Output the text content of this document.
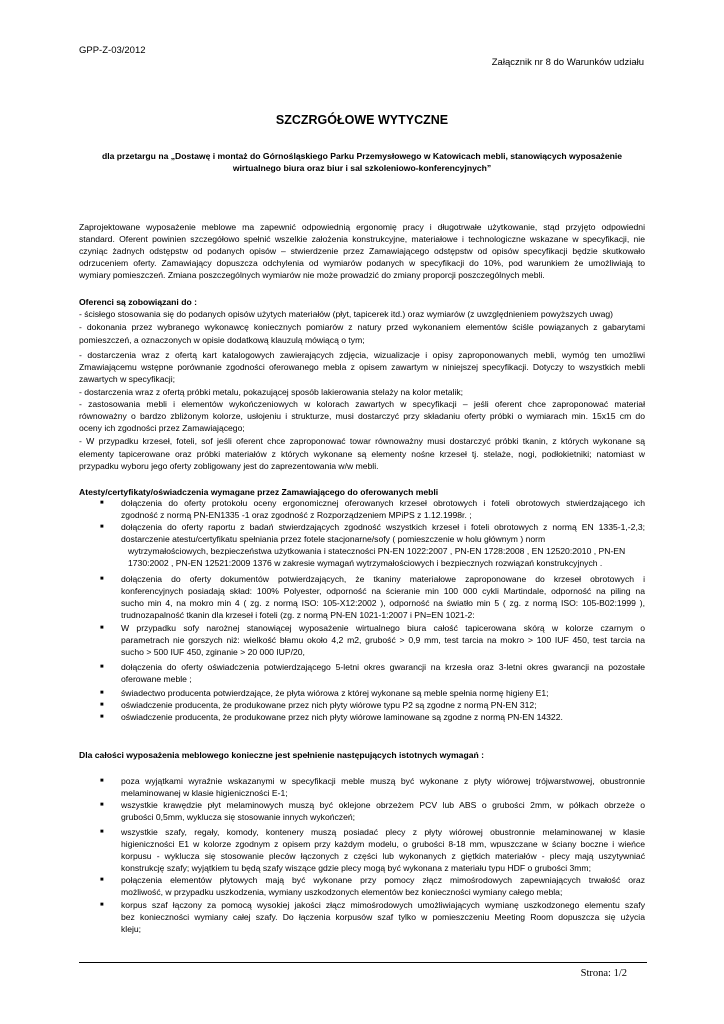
GPP-Z-03/2012
Załącznik nr 8 do Warunków udziału
SZCZRGÓŁOWE WYTYCZNE
dla przetargu na „Dostawę i montaż do Górnośląskiego Parku Przemysłowego w Katowicach mebli, stanowiących wyposażenie
wirtualnego biura oraz biur i sal szkoleniowo-konferencyjnych”
Zaprojektowane wyposażenie meblowe ma zapewnić odpowiednią ergonomię pracy i długotrwałe użytkowanie, stąd przyjęto odpowiedni
standard. Oferent powinien szczegółowo spełnić wszelkie założenia konstrukcyjne, materiałowe i technologiczne wskazane w specyfikacji, nie
czyniąc żadnych odstępstw od podanych opisów – stwierdzenie przez Zamawiającego odstępstw od opisów specyfikacji będzie skutkowało
odrzuceniem oferty. Zamawiający dopuszcza odchylenia od wymiarów podanych w specyfikacji do 10%, pod warunkiem że umożliwiają to
wymiary pomieszczeń. Zmiana poszczególnych wymiarów nie może prowadzić do zmiany proporcji poszczególnych mebli.
Oferenci są zobowiązani do :
- ścisłego stosowania się do podanych opisów użytych materiałów (płyt, tapicerek itd.) oraz wymiarów (z uwzględnieniem powyższych uwag)
- dokonania przez wybranego wykonawcę koniecznych pomiarów z natury przed wykonaniem elementów ściśle powiązanych z gabarytami
pomieszczeń, a oznaczonych w opisie dodatkową klauzulą mówiącą o tym;
- dostarczenia wraz z ofertą kart katalogowych zawierających zdjęcia, wizualizacje i opisy zaproponowanych mebli, wymóg ten umożliwi
Zmawiającemu wstępne porównanie zgodności oferowanego mebla z opisem zawartym w niniejszej specyfikacji. Dotyczy to wszystkich mebli
zawartych w specyfikacji;
- dostarczenia wraz z ofertą próbki metalu, pokazującej sposób lakierowania stelaży na kolor metalik;
- zastosowania mebli i elementów wykończeniowych w kolorach zawartych w specyfikacji – jeśli oferent chce zaproponować materiał
równoważny o bardzo zbliżonym kolorze, usłojeniu i strukturze, musi dostarczyć przy składaniu oferty próbki o wymiarach min. 15x15 cm do
oceny ich zgodności przez Zamawiającego;
- W przypadku krzeseł, foteli, sof jeśli oferent chce zaproponować towar równoważny musi dostarczyć próbki tkanin, z których wykonane są
elementy tapicerowane oraz próbki materiałów z których wykonane są elementy nośne krzeseł tj. stelaże, nogi, podłokietniki; natomiast w
przypadku wyboru jego oferty zobligowany jest do zaprezentowania w/w mebli.
Atesty/certyfikaty/oświadczenia wymagane przez Zamawiającego do oferowanych mebli
■ dołączenia do oferty protokołu oceny ergonomicznej oferowanych krzeseł obrotowych i foteli obrotowych stwierdzającego ich
zgodność z normą PN-EN1335 -1 oraz zgodność z Rozporządzeniem MPiPS z 1.12.1998r. ;
■ dołączenia do oferty raportu z badań stwierdzających zgodność wszystkich krzeseł i foteli obrotowych z normą EN 1335-1,-2,3;
dostarczenie atestu/certyfikatu spełniania przez fotele stacjonarne/sofy ( pomieszczenie w holu głównym ) norm
wytrzymałościowych, bezpieczeństwa użytkowania i stateczności PN-EN 1022:2007 , PN-EN 1728:2008 , EN 12520:2010 , PN-EN
1730:2002 , PN-EN 12521:2009 1376 w zakresie wymagań wytrzymałościowych i bezpiecznych rozwiązań konstrukcyjnych .
■ dołączenia do oferty dokumentów potwierdzających, że tkaniny materiałowe zaproponowane do krzeseł obrotowych i
konferencyjnych posiadają skład: 100% Polyester, odporność na ścieranie min 100 000 cykli Martindale, odporność na piling na
sucho min 4, na mokro min 4 ( zg. z normą ISO: 105-X12:2002 ), odporność na światło min 5 ( zg. z normą ISO: 105-B02:1999 ),
trudnozapalność tkanin dla krzeseł i foteli (zg. z normą PN-EN 1021-1:2007 i PN=EN 1021-2:
■ W przypadku sofy narożnej stanowiącej wyposażenie wirtualnego biura całość tapicerowana skórą w kolorze czarnym o
parametrach nie gorszych niż: wielkość błamu około 4,2 m2, grubość > 0,9 mm, test tarcia na mokro > 100 IUF 450, test tarcia na
sucho > 500 IUF 450, zginanie > 20 000 IUP/20,
■ dołączenia do oferty oświadczenia potwierdzającego 5-letni okres gwarancji na krzesła oraz 3-letni okres gwarancji na pozostałe
oferowane meble ;
■ świadectwo producenta potwierdzające, że płyta wiórowa z której wykonane są meble spełnia normę higieny E1;
■ oświadczenie producenta, że produkowane przez nich płyty wiórowe typu P2 są zgodne z normą PN-EN 312;
■ oświadczenie producenta, że produkowane przez nich płyty wiórowe laminowane są zgodne z normą PN-EN 14322.
Dla całości wyposażenia meblowego konieczne jest spełnienie następujących istotnych wymagań :
■ poza wyjątkami wyraźnie wskazanymi w specyfikacji meble muszą być wykonane z płyty wiórowej trójwarstwowej, obustronnie
melaminowanej w klasie higieniczności E-1;
■ wszystkie krawędzie płyt melaminowych muszą być oklejone obrzeżem PCV lub ABS o grubości 2mm, w półkach obrzeże o
grubości 0,5mm, wyklucza się stosowanie innych wykończeń;
■ wszystkie szafy, regały, komody, kontenery muszą posiadać plecy z płyty wiórowej obustronnie melaminowanej w klasie
higieniczności E1 w kolorze zgodnym z opisem przy każdym modelu, o grubości 8-18 mm, wpuszczane w ściany boczne i wieńce
korpusu - wyklucza się stosowanie pleców łączonych z części lub wykonanych z giętkich materiałów - plecy mają uszytywniać
konstrukcję szafy; wyjątkiem tu będą szafy wiszące gdzie plecy mogą być wykonana z materiału typu HDF o grubości 3mm;
■ połączenia elementów płytowych mają być wykonane przy pomocy złącz mimośrodowych zapewniających trwałość oraz
możliwość, w przypadku uszkodzenia, wymiany uszkodzonych elementów bez konieczności wymiany całego mebla;
■ korpus szaf łączony za pomocą wysokiej jakości złącz mimośrodowych umożliwiających wymianę uszkodzonego elementu szafy
bez konieczności wymiany całej szafy. Do łączenia korpusów szaf tylko w pomieszczeniu Meeting Room dopuszcza się użycia
kleju;
Strona: 1/2
